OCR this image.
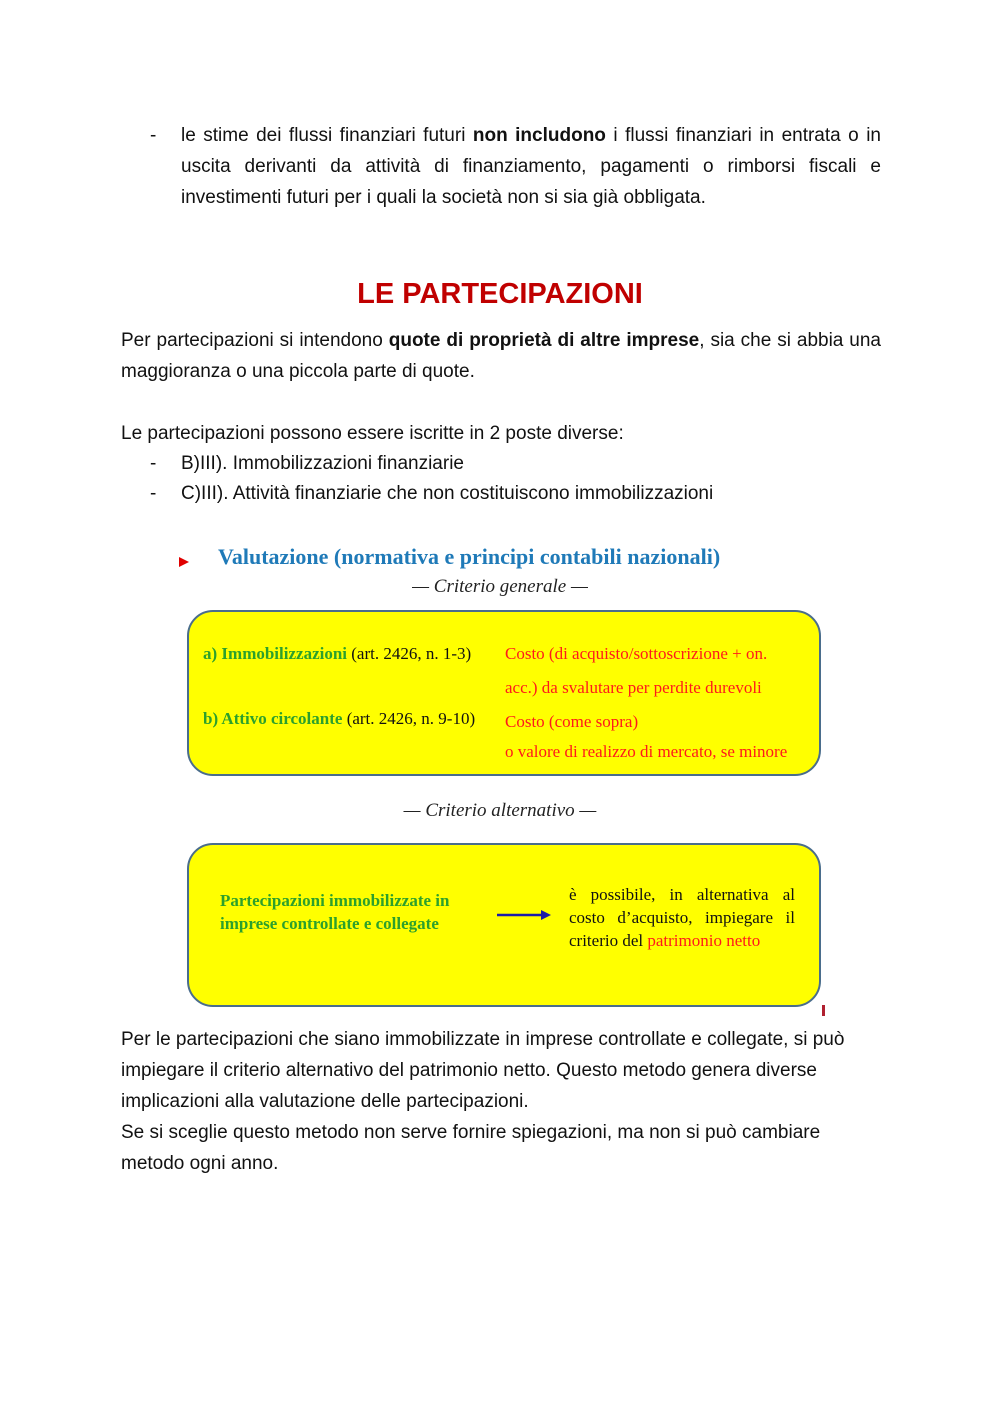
- le stime dei flussi finanziari futuri non includono i flussi finanziari in entrata o in uscita derivanti da attività di finanziamento, pagamenti o rimborsi fiscali e investimenti futuri per i quali la società non si sia già obbligata.
LE PARTECIPAZIONI
Per partecipazioni si intendono quote di proprietà di altre imprese, sia che si abbia una maggioranza o una piccola parte di quote.
Le partecipazioni possono essere iscritte in 2 poste diverse:
- B)III). Immobilizzazioni finanziarie
- C)III). Attività finanziarie che non costituiscono immobilizzazioni
Valutazione (normativa e principi contabili nazionali)
— Criterio generale —
a) Immobilizzazioni (art. 2426, n. 1-3) Costo (di acquisto/sottoscrizione + on.
acc.) da svalutare per perdite durevoli
b) Attivo circolante (art. 2426, n. 9-10) Costo (come sopra)
o valore di realizzo di mercato, se minore
— Criterio alternativo —
Partecipazioni immobilizzate in
imprese controllate e collegate
è possibile, in alternativa al
costo d’acquisto, impiegare il
criterio del patrimonio netto
Per le partecipazioni che siano immobilizzate in imprese controllate e collegate, si può impiegare il criterio alternativo del patrimonio netto. Questo metodo genera diverse implicazioni alla valutazione delle partecipazioni.
Se si sceglie questo metodo non serve fornire spiegazioni, ma non si può cambiare metodo ogni anno.
